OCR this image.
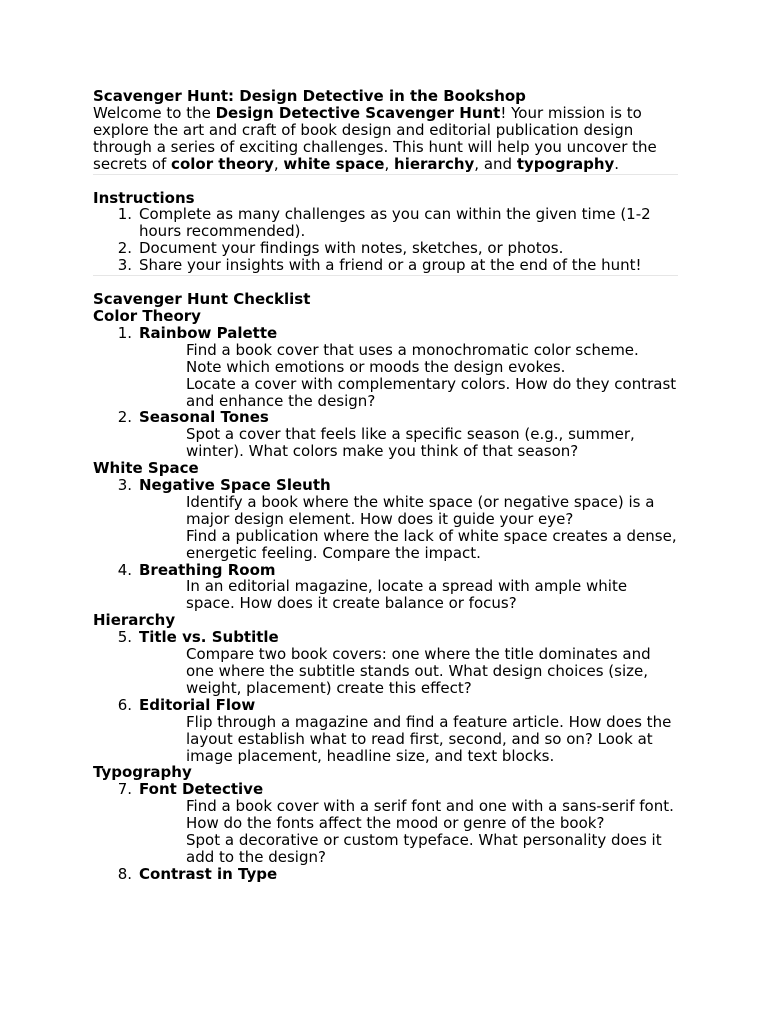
Scavenger Hunt: Design Detective in the Bookshop

Welcome to the Design Detective Scavenger Hunt! Your mission is to explore the art and craft of book design and editorial publication design through a series of exciting challenges. This hunt will help you uncover the secrets of color theory, white space, hierarchy, and typography.

Instructions

1. Complete as many challenges as you can within the given time (1-2 hours recommended).
2. Document your findings with notes, sketches, or photos.
3. Share your insights with a friend or a group at the end of the hunt!

Scavenger Hunt Checklist

Color Theory

1. Rainbow Palette

Find a book cover that uses a monochromatic color scheme. Note which emotions or moods the design evokes.

Locate a cover with complementary colors. How do they contrast and enhance the design?

2. Seasonal Tones

Spot a cover that feels like a specific season (e.g., summer, winter). What colors make you think of that season?

White Space

3. Negative Space Sleuth

Identify a book where the white space (or negative space) is a major design element. How does it guide your eye?

Find a publication where the lack of white space creates a dense, energetic feeling. Compare the impact.

4. Breathing Room

In an editorial magazine, locate a spread with ample white space. How does it create balance or focus?

Hierarchy

5. Title vs. Subtitle

Compare two book covers: one where the title dominates and one where the subtitle stands out. What design choices (size, weight, placement) create this effect?

6. Editorial Flow

Flip through a magazine and find a feature article. How does the layout establish what to read first, second, and so on? Look at image placement, headline size, and text blocks.

Typography

7. Font Detective

Find a book cover with a serif font and one with a sans-serif font. How do the fonts affect the mood or genre of the book?

Spot a decorative or custom typeface. What personality does it add to the design?

8. Contrast in Type
